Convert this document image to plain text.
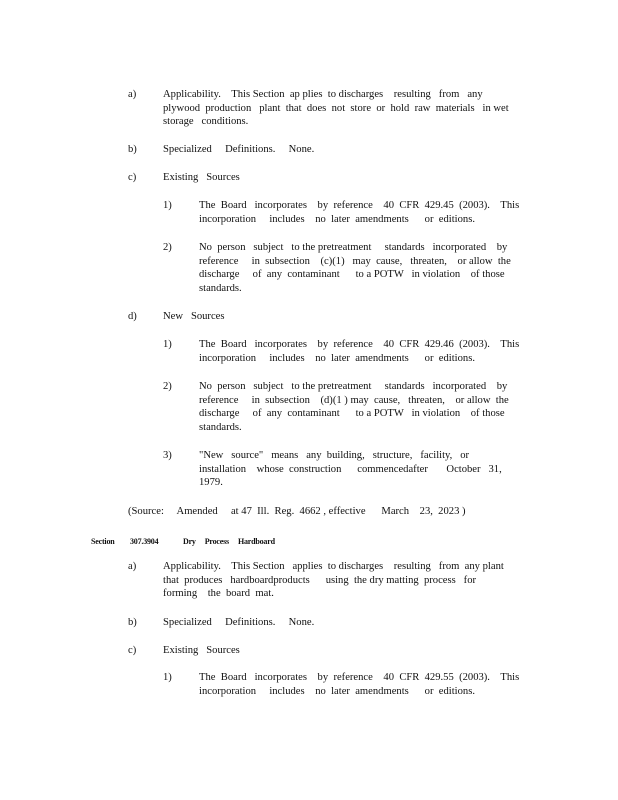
a)	Applicability.    This Section  ap plies  to discharges    resulting   from   any
plywood  production   plant  that  does  not  store  or  hold  raw  materials   in wet
storage   conditions.
b) Specialized     Definitions.     None.
c)	Existing   Sources
1)	The  Board   incorporates    by  reference    40  CFR  429.45  (2003).    This
incorporation     includes    no  later  amendments      or  editions.
2)	No  person   subject   to the pretreatment     standards   incorporated    by
reference     in  subsection    (c)(1)   may  cause,   threaten,    or allow  the
discharge     of  any  contaminant      to a POTW   in violation    of those
standards.
d) New   Sources
1)	The  Board   incorporates    by  reference    40  CFR  429.46  (2003).    This
incorporation     includes    no  later  amendments      or  editions.
2)	No  person   subject   to the pretreatment     standards   incorporated    by
reference     in  subsection    (d)(1 ) may  cause,   threaten,    or allow  the
discharge     of  any  contaminant      to a POTW   in violation    of those
standards.
3)	"New   source"   means   any  building,   structure,   facility,   or
installation    whose  construction      commencedafter       October   31,
1979.
(Source:     Amended     at 47  Ill.  Reg.  4662 , effective      March    23,  2023 )
Section 307.3904	Dry     Process     Hardboard
a)	Applicability.    This Section   applies  to discharges    resulting   from  any plant
that  produces   hardboardproducts      using  the dry matting  process   for
forming    the  board  mat.
b) Specialized     Definitions.     None.
c)	Existing   Sources
1)	The  Board   incorporates    by  reference    40  CFR  429.55  (2003).    This
incorporation     includes    no  later  amendments      or  editions.
